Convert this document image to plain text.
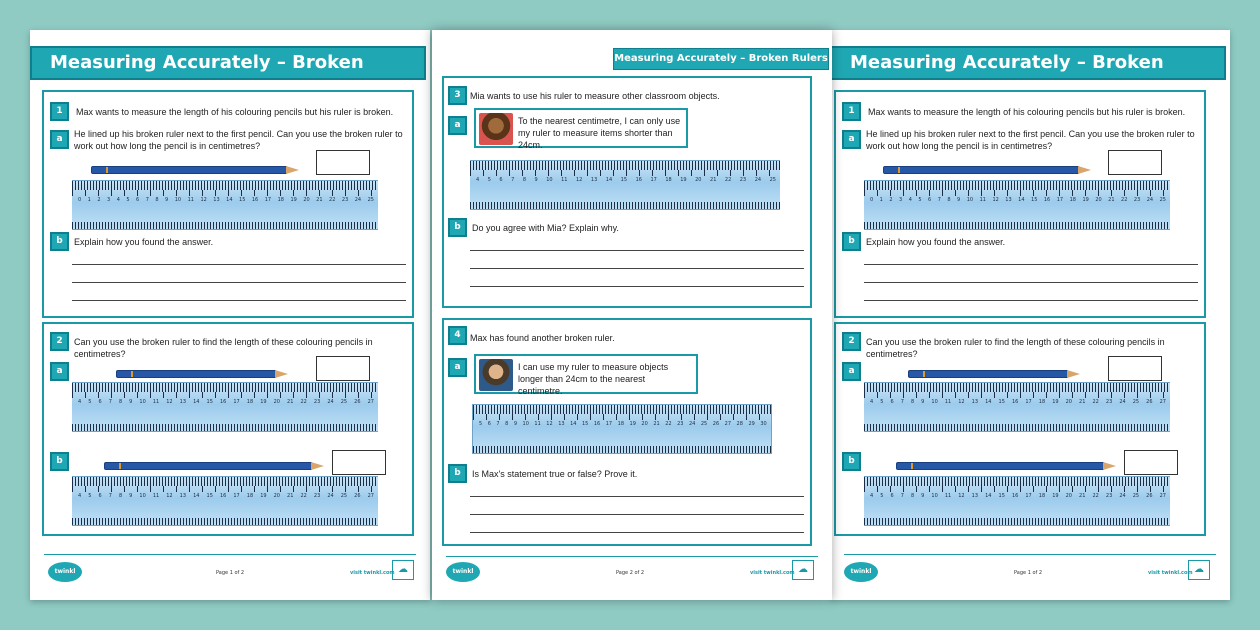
Measuring Accurately – Broken
1	Max wants to measure the length of his colouring pencils but his ruler is broken.
a	He lined up his broken ruler next to the first pencil. Can you use the broken ruler to work out how long the pencil is in centimetres?
0 1 2 3 4 5 6 7 8 9 10 11 12 13 14 15 16 17 18 19 20 21 22 23 24 25
b	Explain how you found the answer.
2	Can you use the broken ruler to find the length of these colouring pencils in centimetres?
a
4 5 6 7 8 9 10 11 12 13 14 15 16 17 18 19 20 21 22 23 24 25 26 27
b
4 5 6 7 8 9 10 11 12 13 14 15 16 17 18 19 20 21 22 23 24 25 26 27
twinkl	Page 1 of 2	visit twinkl.com ☁
Measuring Accurately – Broken
1	Max wants to measure the length of his colouring pencils but his ruler is broken.
a	He lined up his broken ruler next to the first pencil. Can you use the broken ruler to work out how long the pencil is in centimetres?
0 1 2 3 4 5 6 7 8 9 10 11 12 13 14 15 16 17 18 19 20 21 22 23 24 25
b	Explain how you found the answer.
2	Can you use the broken ruler to find the length of these colouring pencils in centimetres?
a
4 5 6 7 8 9 10 11 12 13 14 15 16 17 18 19 20 21 22 23 24 25 26 27
b
4 5 6 7 8 9 10 11 12 13 14 15 16 17 18 19 20 21 22 23 24 25 26 27
twinkl	Page 1 of 2	visit twinkl.com ☁
Measuring Accurately – Broken Rulers
3	Mia wants to use his ruler to measure other classroom objects.
a	To the nearest centimetre, I can only use my ruler to measure items shorter than 24cm.
4 5 6 7 8 9 10 11 12 13 14 15 16 17 18 19 20 21 22 23 24 25
b	Do you agree with Mia? Explain why.
4	Max has found another broken ruler.
a	I can use my ruler to measure objects longer than 24cm to the nearest centimetre.
5 6 7 8 9 10 11 12 13 14 15 16 17 18 19 20 21 22 23 24 25 26 27 28 29 30
b	Is Max's statement true or false? Prove it.
twinkl	Page 2 of 2	visit twinkl.com ☁
